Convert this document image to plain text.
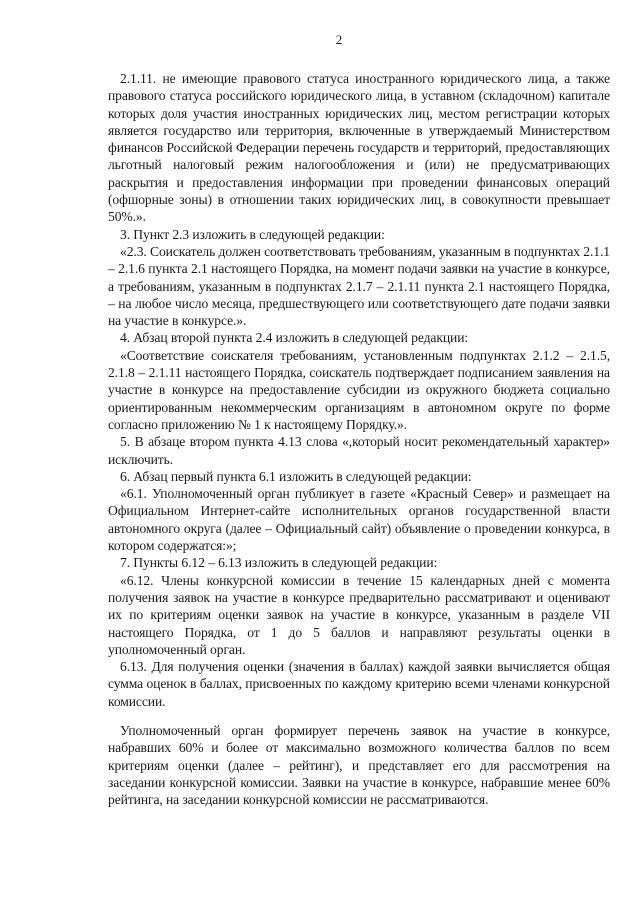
2

2.1.11. не имеющие правового статуса иностранного юридического лица, а также правового статуса российского юридического лица, в уставном (складочном) капитале которых доля участия иностранных юридических лиц, местом регистрации которых является государство или территория, включенные в утверждаемый Министерством финансов Российской Федерации перечень государств и территорий, предоставляющих льготный налоговый режим налогообложения и (или) не предусматривающих раскрытия и предоставления информации при проведении финансовых операций (офшорные зоны) в отношении таких юридических лиц, в совокупности превышает 50%.».

3. Пункт 2.3 изложить в следующей редакции:

«2.3. Соискатель должен соответствовать требованиям, указанным в подпунктах 2.1.1 – 2.1.6 пункта 2.1 настоящего Порядка, на момент подачи заявки на участие в конкурсе, а требованиям, указанным в подпунктах 2.1.7 – 2.1.11 пункта 2.1 настоящего Порядка, – на любое число месяца, предшествующего или соответствующего дате подачи заявки на участие в конкурсе.».

4. Абзац второй пункта 2.4 изложить в следующей редакции:

«Соответствие соискателя требованиям, установленным подпунктах 2.1.2 – 2.1.5, 2.1.8 – 2.1.11 настоящего Порядка, соискатель подтверждает подписанием заявления на участие в конкурсе на предоставление субсидии из окружного бюджета социально ориентированным некоммерческим организациям в автономном округе по форме согласно приложению № 1 к настоящему Порядку.».

5. В абзаце втором пункта 4.13 слова «,который носит рекомендательный характер» исключить.

6. Абзац первый пункта 6.1 изложить в следующей редакции:

«6.1. Уполномоченный орган публикует в газете «Красный Север» и размещает на Официальном Интернет-сайте исполнительных органов государственной власти автономного округа (далее – Официальный сайт) объявление о проведении конкурса, в котором содержатся:»;

7. Пункты 6.12 – 6.13 изложить в следующей редакции:

«6.12. Члены конкурсной комиссии в течение 15 календарных дней с момента получения заявок на участие в конкурсе предварительно рассматривают и оценивают их по критериям оценки заявок на участие в конкурсе, указанным в разделе VII настоящего Порядка, от 1 до 5 баллов и направляют результаты оценки в уполномоченный орган.

6.13. Для получения оценки (значения в баллах) каждой заявки вычисляется общая сумма оценок в баллах, присвоенных по каждому критерию всеми членами конкурсной комиссии.

Уполномоченный орган формирует перечень заявок на участие в конкурсе, набравших 60% и более от максимально возможного количества баллов по всем критериям оценки (далее – рейтинг), и представляет его для рассмотрения на заседании конкурсной комиссии. Заявки на участие в конкурсе, набравшие менее 60% рейтинга, на заседании конкурсной комиссии не рассматриваются.
